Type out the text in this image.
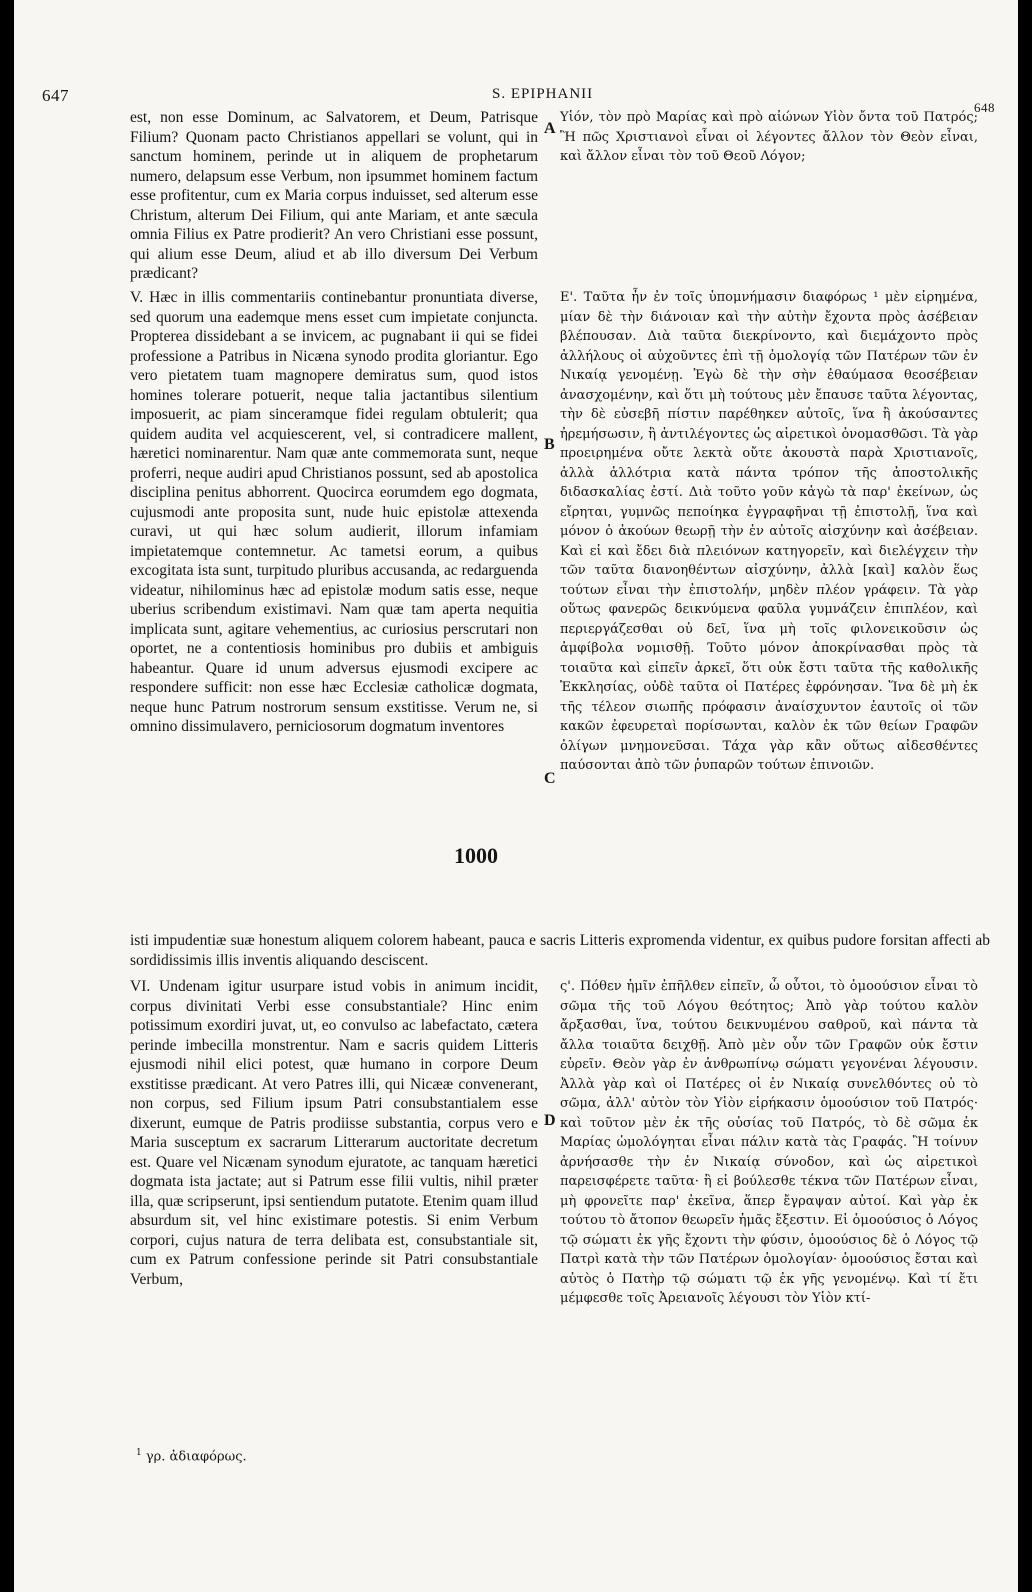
647	S. EPIPHANII
648

est, non esse Dominum, ac Salvatorem, et Deum, Patrisque Filium? Quonam pacto Christianos appellari se volunt, qui in sanctum hominem, perinde ut in aliquem de prophetarum numero, delapsum esse Verbum, non ipsummet hominem factum esse profitentur, cum ex Maria corpus induisset, sed alterum esse Christum, alterum Dei Filium, qui ante Mariam, et ante sæcula omnia Filius ex Patre prodierit? An vero Christiani esse possunt, qui alium esse Deum, aliud et ab illo diversum Dei Verbum prædicant?

A

Υἱόν, τὸν πρὸ Μαρίας καὶ πρὸ αἰώνων Υἱὸν ὄντα τοῦ Πατρός; Ἢ πῶς Χριστιανοὶ εἶναι οἱ λέγοντες ἄλλον τὸν Θεὸν εἶναι, καὶ ἄλλον εἶναι τὸν τοῦ Θεοῦ Λόγον;

V. Hæc in illis commentariis continebantur pronuntiata diverse, sed quorum una eademque mens esset cum impietate conjuncta. Propterea dissidebant a se invicem, ac pugnabant ii qui se fidei professione a Patribus in Nicæna synodo prodita gloriantur. Ego vero pietatem tuam magnopere demiratus sum, quod istos homines tolerare potuerit, neque talia jactantibus silentium imposuerit, ac piam sinceramque fidei regulam obtulerit; qua quidem audita vel acquiescerent, vel, si contradicere mallent, hæretici nominarentur. Nam quæ ante commemorata sunt, neque proferri, neque audiri apud Christianos possunt, sed ab apostolica disciplina penitus abhorrent. Quocirca eorumdem ego dogmata, cujusmodi ante proposita sunt, nude huic epistolæ attexenda curavi, ut qui hæc solum audierit, illorum infamiam impietatemque contemnetur. Ac tametsi eorum, a quibus excogitata ista sunt, turpitudo pluribus accusanda, ac redarguenda videatur, nihilominus hæc ad epistolæ modum satis esse, neque uberius scribendum existimavi. Nam quæ tam aperta nequitia implicata sunt, agitare vehementius, ac curiosius perscrutari non oportet, ne a contentiosis hominibus pro dubiis et ambiguis habeantur. Quare id unum adversus ejusmodi excipere ac respondere sufficit: non esse hæc Ecclesiæ catholicæ dogmata, neque hunc Patrum nostrorum sensum exstitisse. Verum ne, si omnino dissimulavero, perniciosorum dogmatum inventores

Ε'. Ταῦτα ἦν ἐν τοῖς ὑπομνήμασιν διαφόρως ¹ μὲν εἰρημένα, μίαν δὲ τὴν διάνοιαν καὶ τὴν αὐτὴν ἔχοντα πρὸς ἀσέβειαν βλέπουσαν. Διὰ ταῦτα διεκρίνοντο, καὶ διεμάχοντο πρὸς ἀλλήλους οἱ αὐχοῦντες ἐπὶ τῇ ὁμολογίᾳ τῶν Πατέρων τῶν ἐν Νικαίᾳ γενομένῃ. Ἐγὼ δὲ τὴν σὴν ἐθαύμασα θεοσέβειαν ἀνασχομένην, καὶ ὅτι μὴ τούτους μὲν ἔπαυσε ταῦτα λέγοντας, τὴν δὲ εὐσεβῆ πίστιν παρέθηκεν αὐτοῖς, ἵνα ἢ ἀκούσαντες ἠρεμήσωσιν, ἢ ἀντιλέγοντες ὡς αἱρετικοὶ ὀνομασθῶσι. Τὰ γὰρ προειρημένα οὔτε λεκτὰ οὔτε ἀκουστὰ παρὰ Χριστιανοῖς, ἀλλὰ ἀλλότρια κατὰ πάντα τρόπον τῆς ἀποστολικῆς διδασκαλίας ἐστί. Διὰ τοῦτο γοῦν κἀγὼ τὰ παρ' ἐκείνων, ὡς εἴρηται, γυμνῶς πεποίηκα ἐγγραφῆναι τῇ ἐπιστολῇ, ἵνα καὶ μόνον ὁ ἀκούων θεωρῇ τὴν ἐν αὐτοῖς αἰσχύνην καὶ ἀσέβειαν. Καὶ εἰ καὶ ἔδει διὰ πλειόνων κατηγορεῖν, καὶ διελέγχειν τὴν τῶν ταῦτα διανοηθέντων αἰσχύνην, ἀλλὰ [καὶ] καλὸν ἕως τούτων εἶναι τὴν ἐπιστολήν, μηδὲν πλέον γράφειν. Τὰ γὰρ οὕτως φανερῶς δεικνύμενα φαῦλα γυμνάζειν ἐπιπλέον, καὶ περιεργάζεσθαι οὐ δεῖ, ἵνα μὴ τοῖς φιλονεικοῦσιν ὡς ἀμφίβολα νομισθῇ. Τοῦτο μόνον ἀποκρίνασθαι πρὸς τὰ τοιαῦτα καὶ εἰπεῖν ἀρκεῖ, ὅτι οὐκ ἔστι ταῦτα τῆς καθολικῆς Ἐκκλησίας, οὐδὲ ταῦτα οἱ Πατέρες ἐφρόνησαν. Ἵνα δὲ μὴ ἐκ τῆς τέλεον σιωπῆς πρόφασιν ἀναίσχυντον ἑαυτοῖς οἱ τῶν κακῶν ἐφευρεταὶ πορίσωνται, καλὸν ἐκ τῶν θείων Γραφῶν ὀλίγων μνημονεῦσαι. Τάχα γὰρ κἂν οὕτως αἰδεσθέντες παύσονται ἀπὸ τῶν ῥυπαρῶν τούτων ἐπινοιῶν.

B
C
1000

isti impudentiæ suæ honestum aliquem colorem habeant, pauca e sacris Litteris expromenda videntur, ex quibus pudore forsitan affecti ab sordidissimis illis inventis aliquando desciscent.

VI. Undenam igitur usurpare istud vobis in animum incidit, corpus divinitati Verbi esse consubstantiale? Hinc enim potissimum exordiri juvat, ut, eo convulso ac labefactato, cætera perinde imbecilla monstrentur. Nam e sacris quidem Litteris ejusmodi nihil elici potest, quæ humano in corpore Deum exstitisse prædicant. At vero Patres illi, qui Nicææ convenerant, non corpus, sed Filium ipsum Patri consubstantialem esse dixerunt, eumque de Patris prodiisse substantia, corpus vero e Maria susceptum ex sacrarum Litterarum auctoritate decretum est. Quare vel Nicænam synodum ejuratote, ac tanquam hæretici dogmata ista jactate; aut si Patrum esse filii vultis, nihil præter illa, quæ scripserunt, ipsi sentiendum putatote. Etenim quam illud absurdum sit, vel hinc existimare potestis. Si enim Verbum corpori, cujus natura de terra delibata est, consubstantiale sit, cum ex Patrum confessione perinde sit Patri consubstantiale Verbum,

D

ς'. Πόθεν ἡμῖν ἐπῆλθεν εἰπεῖν, ὦ οὗτοι, τὸ ὁμοούσιον εἶναι τὸ σῶμα τῆς τοῦ Λόγου θεότητος; Ἀπὸ γὰρ τούτου καλὸν ἄρξασθαι, ἵνα, τούτου δεικνυμένου σαθροῦ, καὶ πάντα τὰ ἄλλα τοιαῦτα δειχθῇ. Ἀπὸ μὲν οὖν τῶν Γραφῶν οὐκ ἔστιν εὑρεῖν. Θεὸν γὰρ ἐν ἀνθρωπίνῳ σώματι γεγονέναι λέγουσιν. Ἀλλὰ γὰρ καὶ οἱ Πατέρες οἱ ἐν Νικαίᾳ συνελθόντες οὐ τὸ σῶμα, ἀλλ' αὐτὸν τὸν Υἱὸν εἰρήκασιν ὁμοούσιον τοῦ Πατρός· καὶ τοῦτον μὲν ἐκ τῆς οὐσίας τοῦ Πατρός, τὸ δὲ σῶμα ἐκ Μαρίας ὡμολόγηται εἶναι πάλιν κατὰ τὰς Γραφάς. Ἢ τοίνυν ἀρνήσασθε τὴν ἐν Νικαίᾳ σύνοδον, καὶ ὡς αἱρετικοὶ παρεισφέρετε ταῦτα· ἢ εἰ βούλεσθε τέκνα τῶν Πατέρων εἶναι, μὴ φρονεῖτε παρ' ἐκεῖνα, ἅπερ ἔγραψαν αὐτοί. Καὶ γὰρ ἐκ τούτου τὸ ἄτοπον θεωρεῖν ἡμᾶς ἔξεστιν. Εἰ ὁμοούσιος ὁ Λόγος τῷ σώματι ἐκ γῆς ἔχοντι τὴν φύσιν, ὁμοούσιος δὲ ὁ Λόγος τῷ Πατρὶ κατὰ τὴν τῶν Πατέρων ὁμολογίαν· ὁμοούσιος ἔσται καὶ αὐτὸς ὁ Πατὴρ τῷ σώματι τῷ ἐκ γῆς γενομένῳ. Καὶ τί ἔτι μέμφεσθε τοῖς Ἀρειανοῖς λέγουσι τὸν Υἱὸν κτί-

$^1$ γρ. ἀδιαφόρως.
